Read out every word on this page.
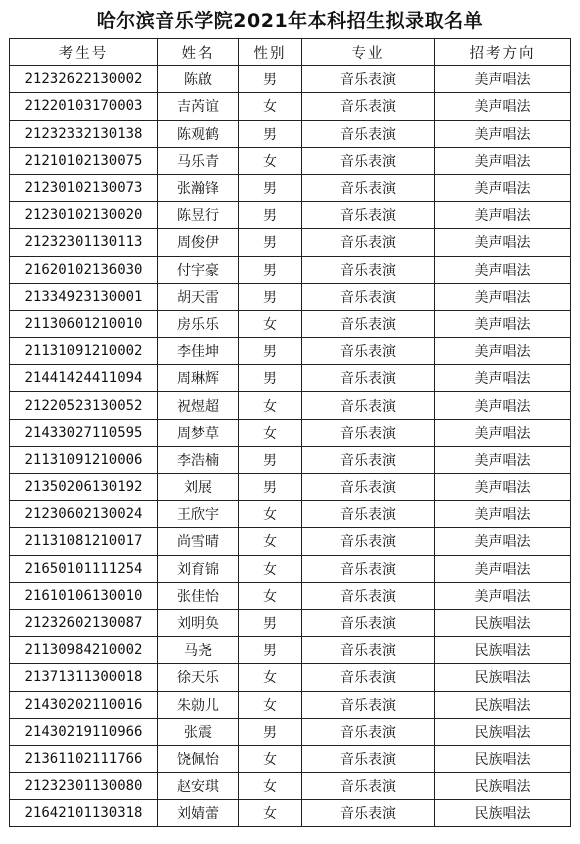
哈尔滨音乐学院2021年本科招生拟录取名单
考生号	姓名	性别	专业	招考方向
21232622130002	陈啟	男	音乐表演	美声唱法
21220103170003	吉芮谊	女	音乐表演	美声唱法
21232332130138	陈观鹤	男	音乐表演	美声唱法
21210102130075	马乐青	女	音乐表演	美声唱法
21230102130073	张瀚锋	男	音乐表演	美声唱法
21230102130020	陈昱行	男	音乐表演	美声唱法
21232301130113	周俊伊	男	音乐表演	美声唱法
21620102136030	付宇豪	男	音乐表演	美声唱法
21334923130001	胡天雷	男	音乐表演	美声唱法
21130601210010	房乐乐	女	音乐表演	美声唱法
21131091210002	李佳坤	男	音乐表演	美声唱法
21441424411094	周琳辉	男	音乐表演	美声唱法
21220523130052	祝煜超	女	音乐表演	美声唱法
21433027110595	周梦草	女	音乐表演	美声唱法
21131091210006	李浩楠	男	音乐表演	美声唱法
21350206130192	刘展	男	音乐表演	美声唱法
21230602130024	王欣宇	女	音乐表演	美声唱法
21131081210017	尚雪晴	女	音乐表演	美声唱法
21650101111254	刘育锦	女	音乐表演	美声唱法
21610106130010	张佳怡	女	音乐表演	美声唱法
21232602130087	刘明奂	男	音乐表演	民族唱法
21130984210002	马尧	男	音乐表演	民族唱法
21371311300018	徐天乐	女	音乐表演	民族唱法
21430202110016	朱勍儿	女	音乐表演	民族唱法
21430219110966	张震	男	音乐表演	民族唱法
21361102111766	饶佩怡	女	音乐表演	民族唱法
21232301130080	赵安琪	女	音乐表演	民族唱法
21642101130318	刘婧蕾	女	音乐表演	民族唱法
